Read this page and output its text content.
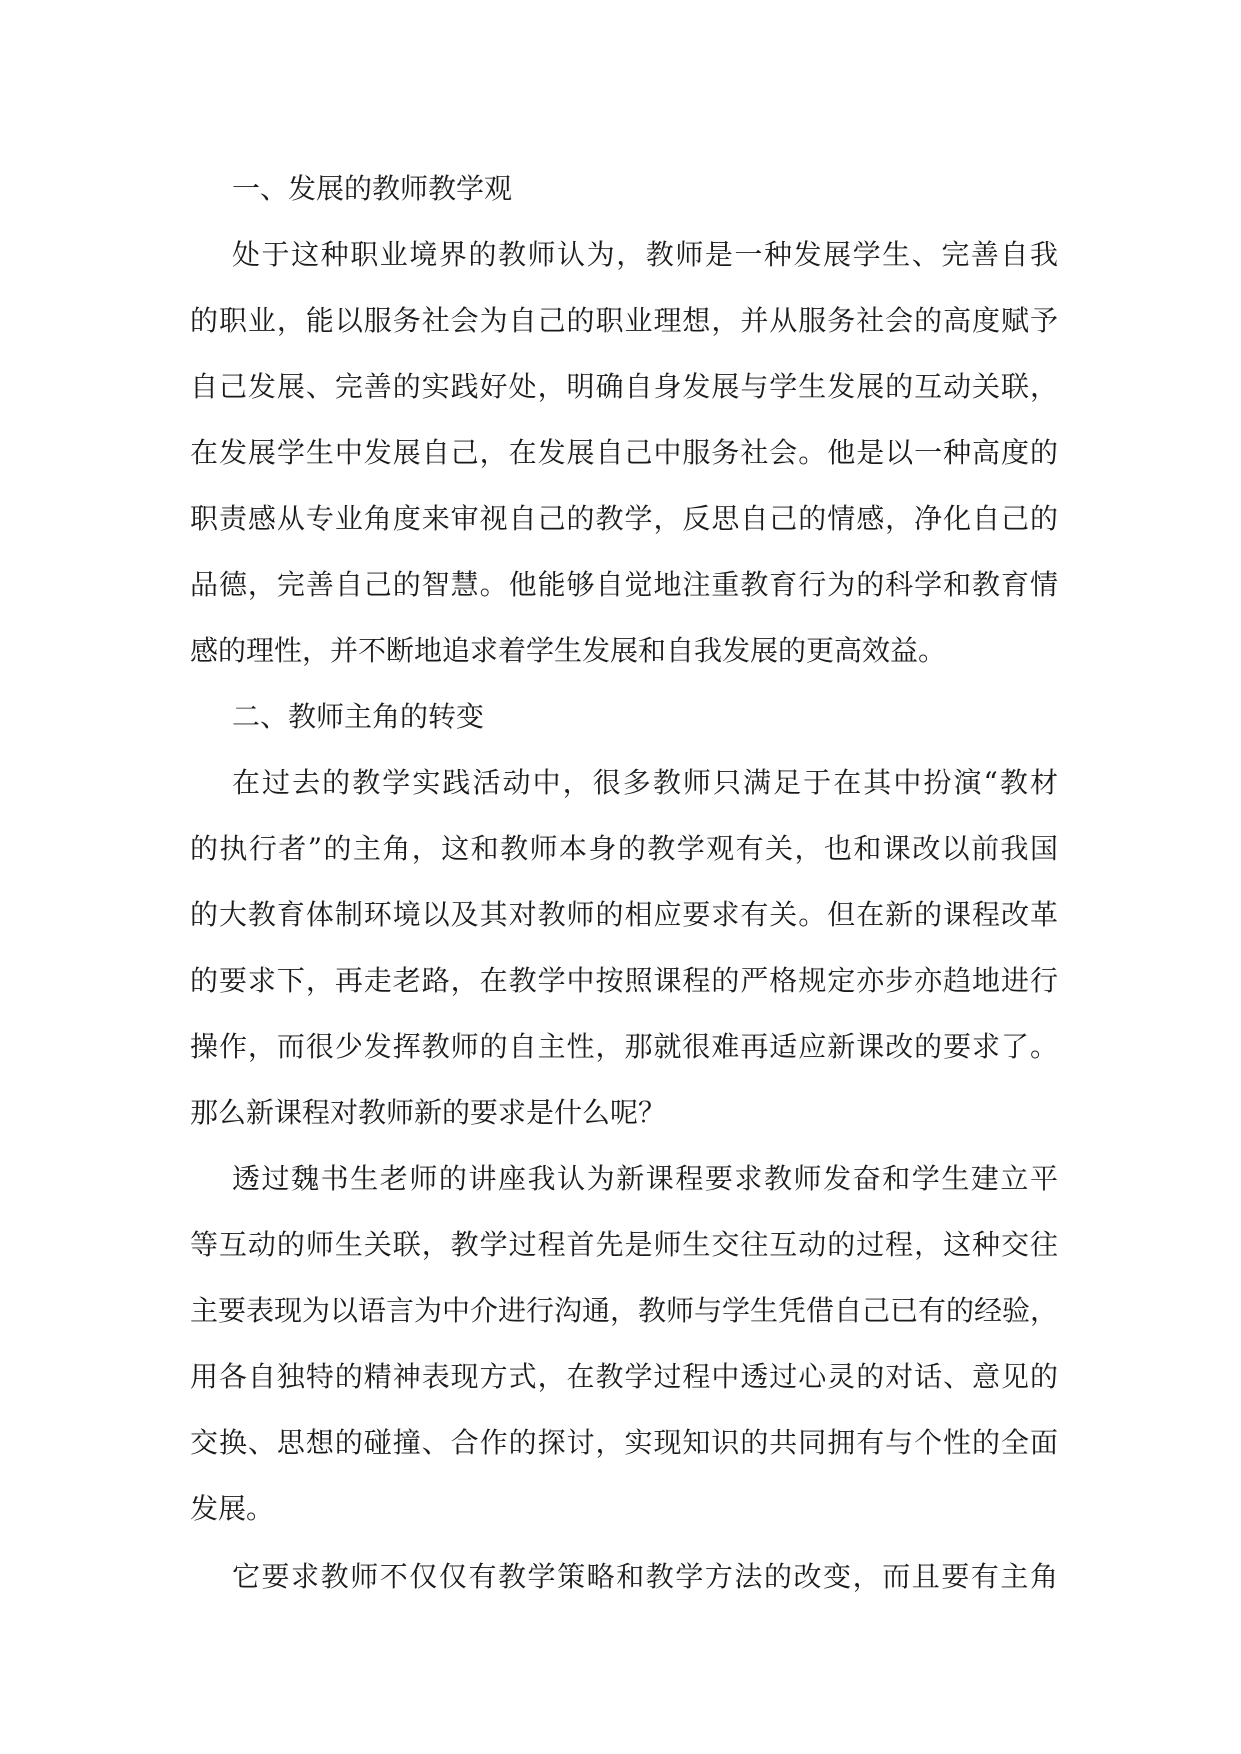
一、发展的教师教学观
处于这种职业境界的教师认为，教师是一种发展学生、完善自我
的职业，能以服务社会为自己的职业理想，并从服务社会的高度赋予
自己发展、完善的实践好处，明确自身发展与学生发展的互动关联，
在发展学生中发展自己，在发展自己中服务社会。他是以一种高度的
职责感从专业角度来审视自己的教学，反思自己的情感，净化自己的
品德，完善自己的智慧。他能够自觉地注重教育行为的科学和教育情
感的理性，并不断地追求着学生发展和自我发展的更高效益。
二、教师主角的转变
在过去的教学实践活动中，很多教师只满足于在其中扮演“教材
的执行者”的主角，这和教师本身的教学观有关，也和课改以前我国
的大教育体制环境以及其对教师的相应要求有关。但在新的课程改革
的要求下，再走老路，在教学中按照课程的严格规定亦步亦趋地进行
操作，而很少发挥教师的自主性，那就很难再适应新课改的要求了。
那么新课程对教师新的要求是什么呢？
透过魏书生老师的讲座我认为新课程要求教师发奋和学生建立平
等互动的师生关联，教学过程首先是师生交往互动的过程，这种交往
主要表现为以语言为中介进行沟通，教师与学生凭借自己已有的经验，
用各自独特的精神表现方式，在教学过程中透过心灵的对话、意见的
交换、思想的碰撞、合作的探讨，实现知识的共同拥有与个性的全面
发展。
它要求教师不仅仅有教学策略和教学方法的改变，而且要有主角
